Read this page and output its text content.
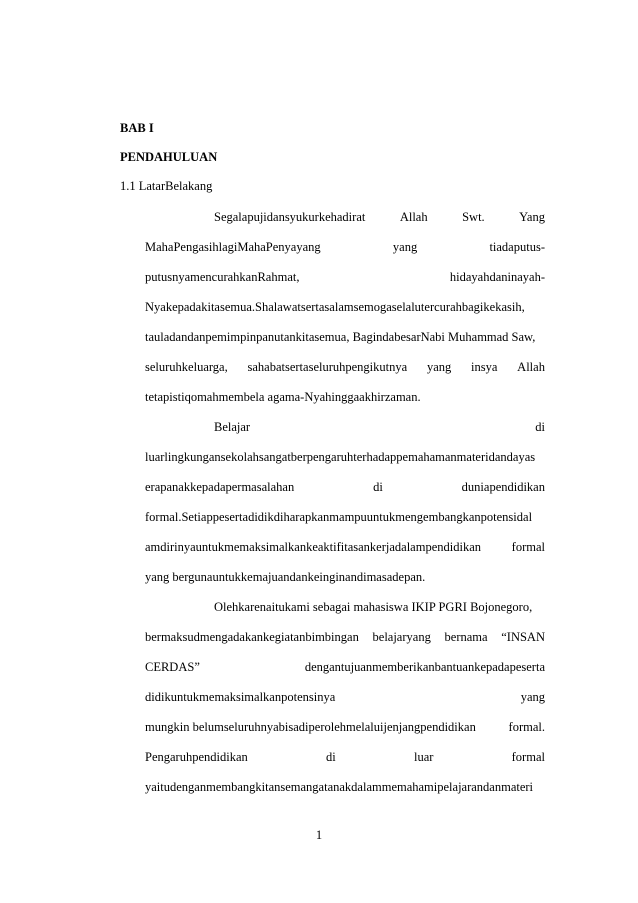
BAB I
PENDAHULUAN
1.1 LatarBelakang
Segalapujidansyukurkehadirat	Allah	Swt.	Yang
MahaPengasihlagiMahaPenyayang	yang	tiadaputus-
putusnyamencurahkanRahmat,	hidayahdaninayah-
Nyakepadakitasemua.Shalawatsertasalamsemogaselalutercurahbagikekasih,
tauladandanpemimpinpanutankitasemua, BagindabesarNabi Muhammad Saw,
seluruhkeluarga, sahabatsertaseluruhpengikutnya yang insya Allah
tetapistiqomahmembela agama-Nyahinggaakhirzaman.
Belajar	di
luarlingkungansekolahsangatberpengaruhterhadappemahamanmateridandayas
erapanakkepadapermasalahan	di	duniapendidikan
formal.Setiappesertadidikdiharapkanmampuuntukmengembangkanpotensidal
amdirinyauntukmemaksimalkankeaktifitasankerjadalampendidikan formal
yang bergunauntukkemajuandankeinginandimasadepan.
Olehkarenaitukami sebagai mahasiswa IKIP PGRI Bojonegoro,
bermaksudmengadakankegiatanbimbingan belajaryang bernama “INSAN
CERDAS”	dengantujuanmemberikanbantuankepadapeserta
didikuntukmemaksimalkanpotensinya	yang
mungkin belumseluruhnyabisadiperolehmelaluijenjangpendidikan	formal.
Pengaruhpendidikan	di	luar	formal
yaitudenganmembangkitansemangatanakdalammemahamipelajarandanmateri
1
